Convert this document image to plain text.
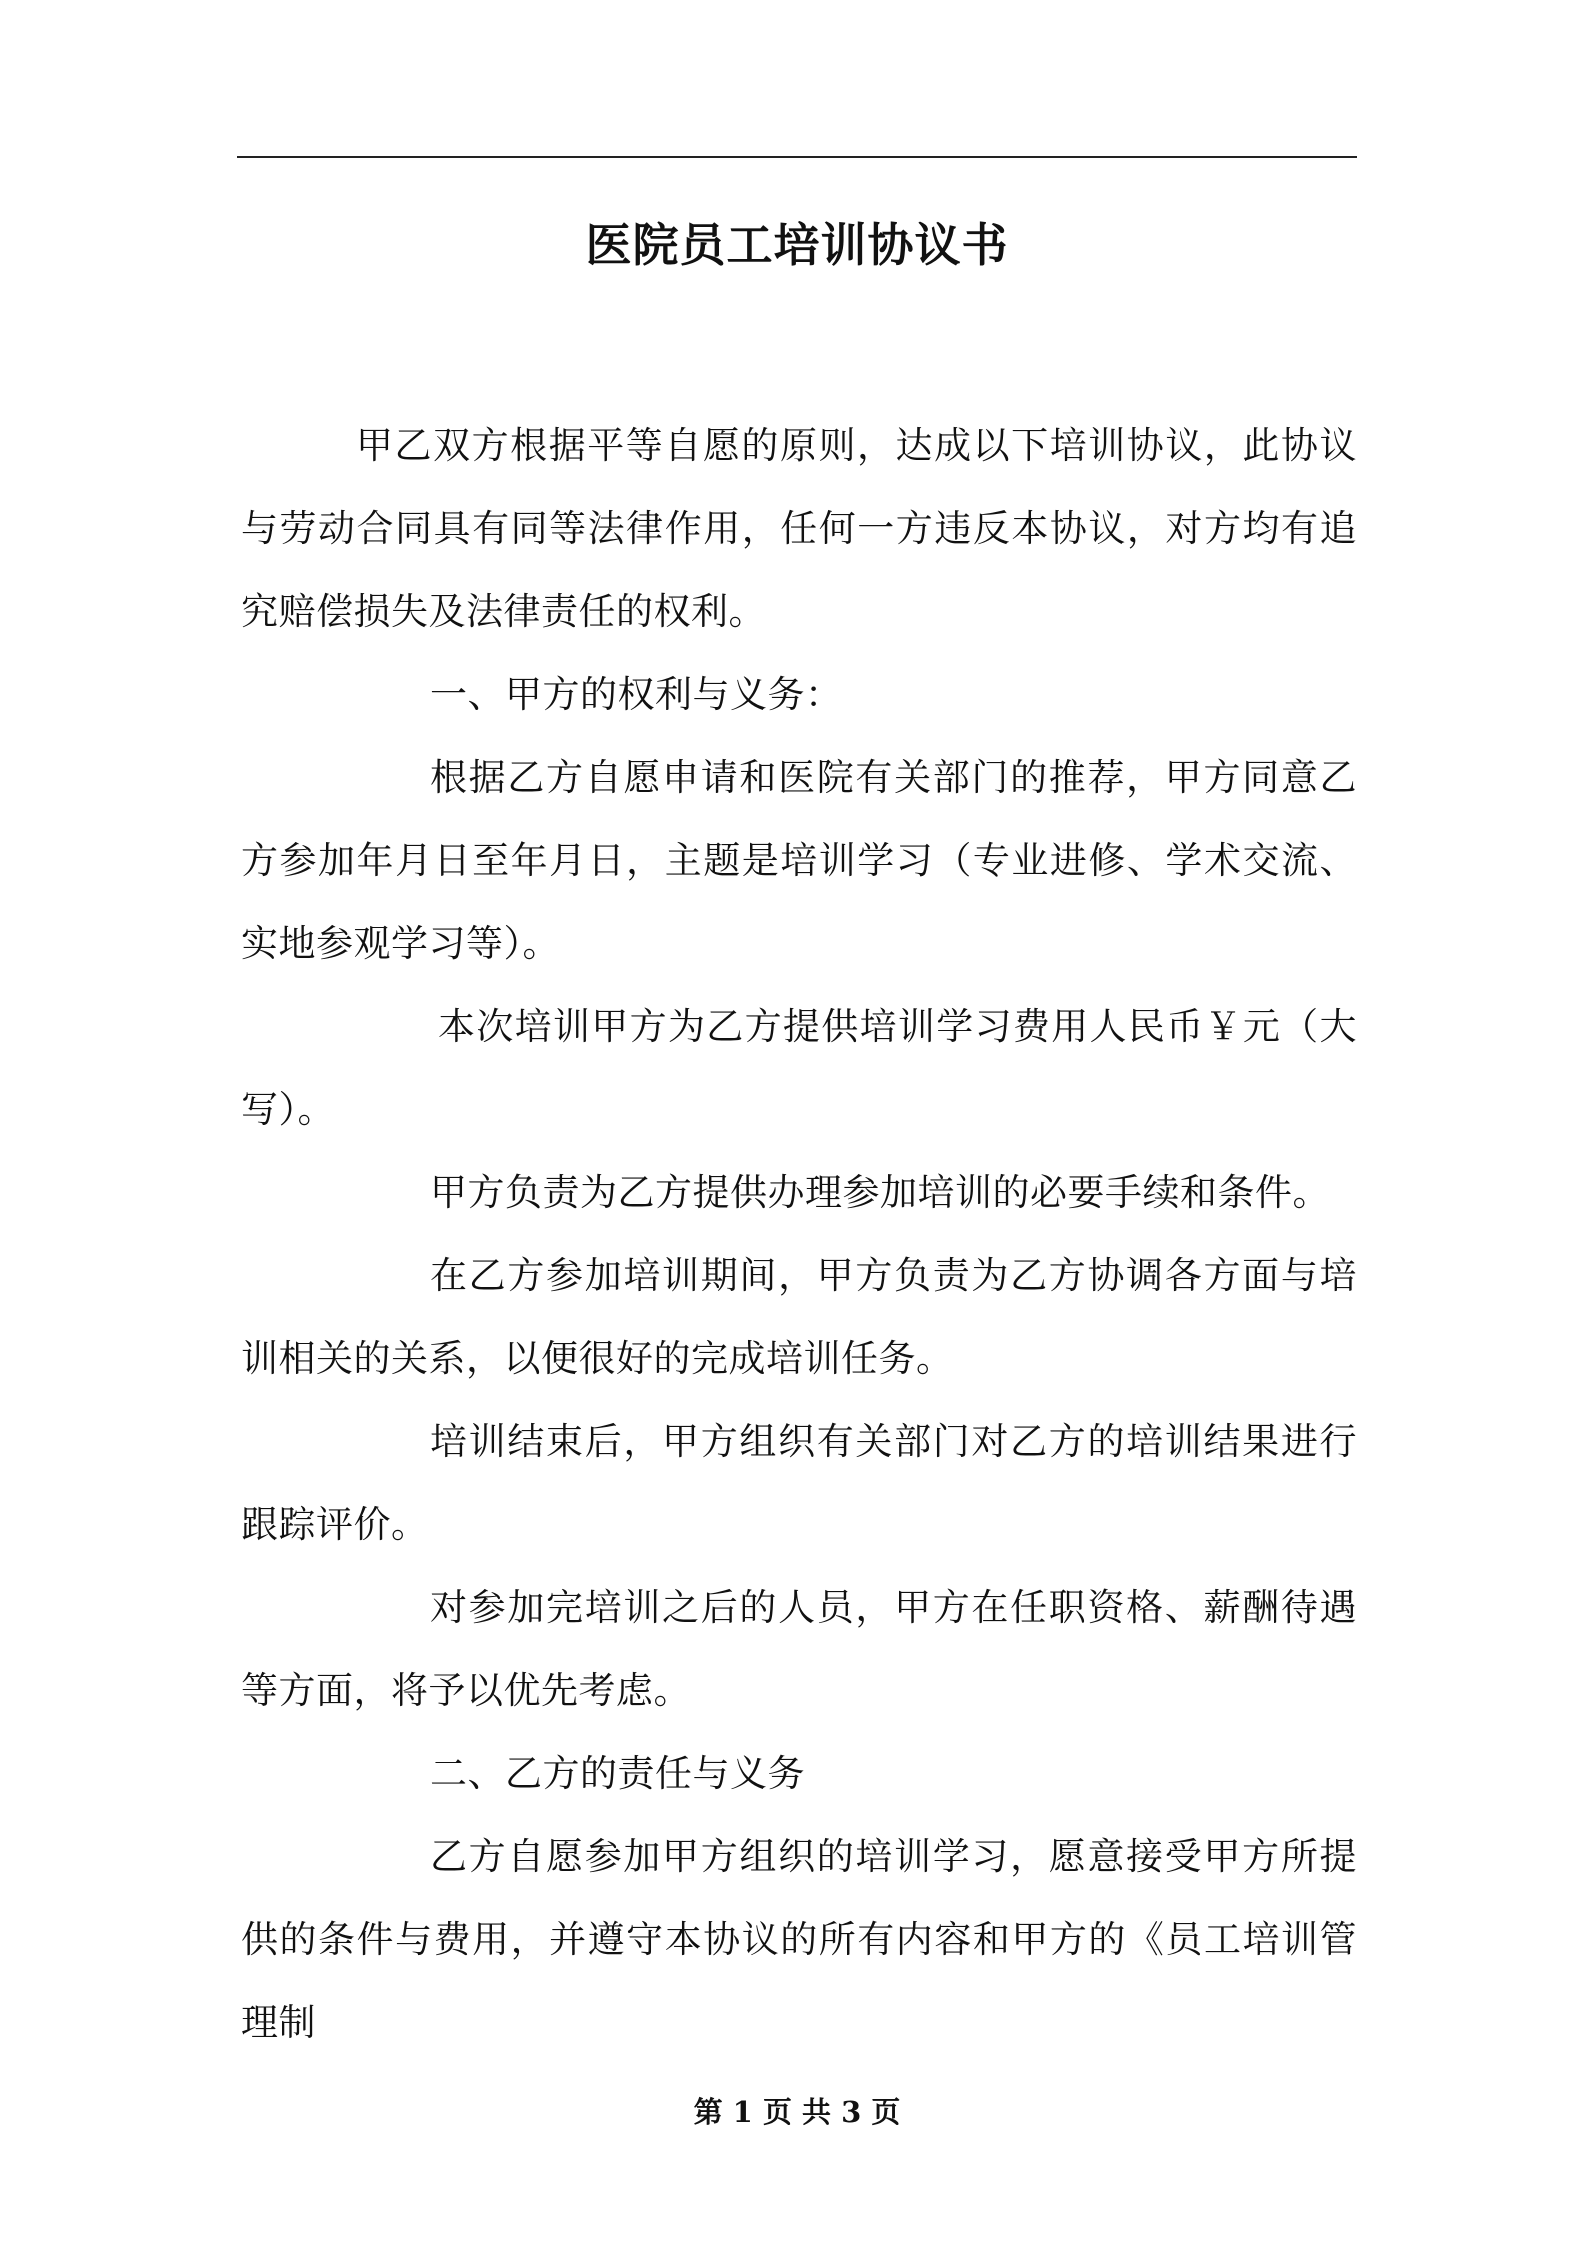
医院员工培训协议书

甲乙双方根据平等自愿的原则，达成以下培训协议，此协议与劳动合同具有同等法律作用，任何一方违反本协议，对方均有追究赔偿损失及法律责任的权利。

一、甲方的权利与义务：

根据乙方自愿申请和医院有关部门的推荐，甲方同意乙方参加年月日至年月日，主题是培训学习（专业进修、学术交流、实地参观学习等）。

本次培训甲方为乙方提供培训学习费用人民币￥元（大写）。

甲方负责为乙方提供办理参加培训的必要手续和条件。

在乙方参加培训期间，甲方负责为乙方协调各方面与培训相关的关系，以便很好的完成培训任务。

培训结束后，甲方组织有关部门对乙方的培训结果进行跟踪评价。

对参加完培训之后的人员，甲方在任职资格、薪酬待遇等方面，将予以优先考虑。

二、乙方的责任与义务

乙方自愿参加甲方组织的培训学习，愿意接受甲方所提供的条件与费用，并遵守本协议的所有内容和甲方的《员工培训管理制

第 1 页 共 3 页
